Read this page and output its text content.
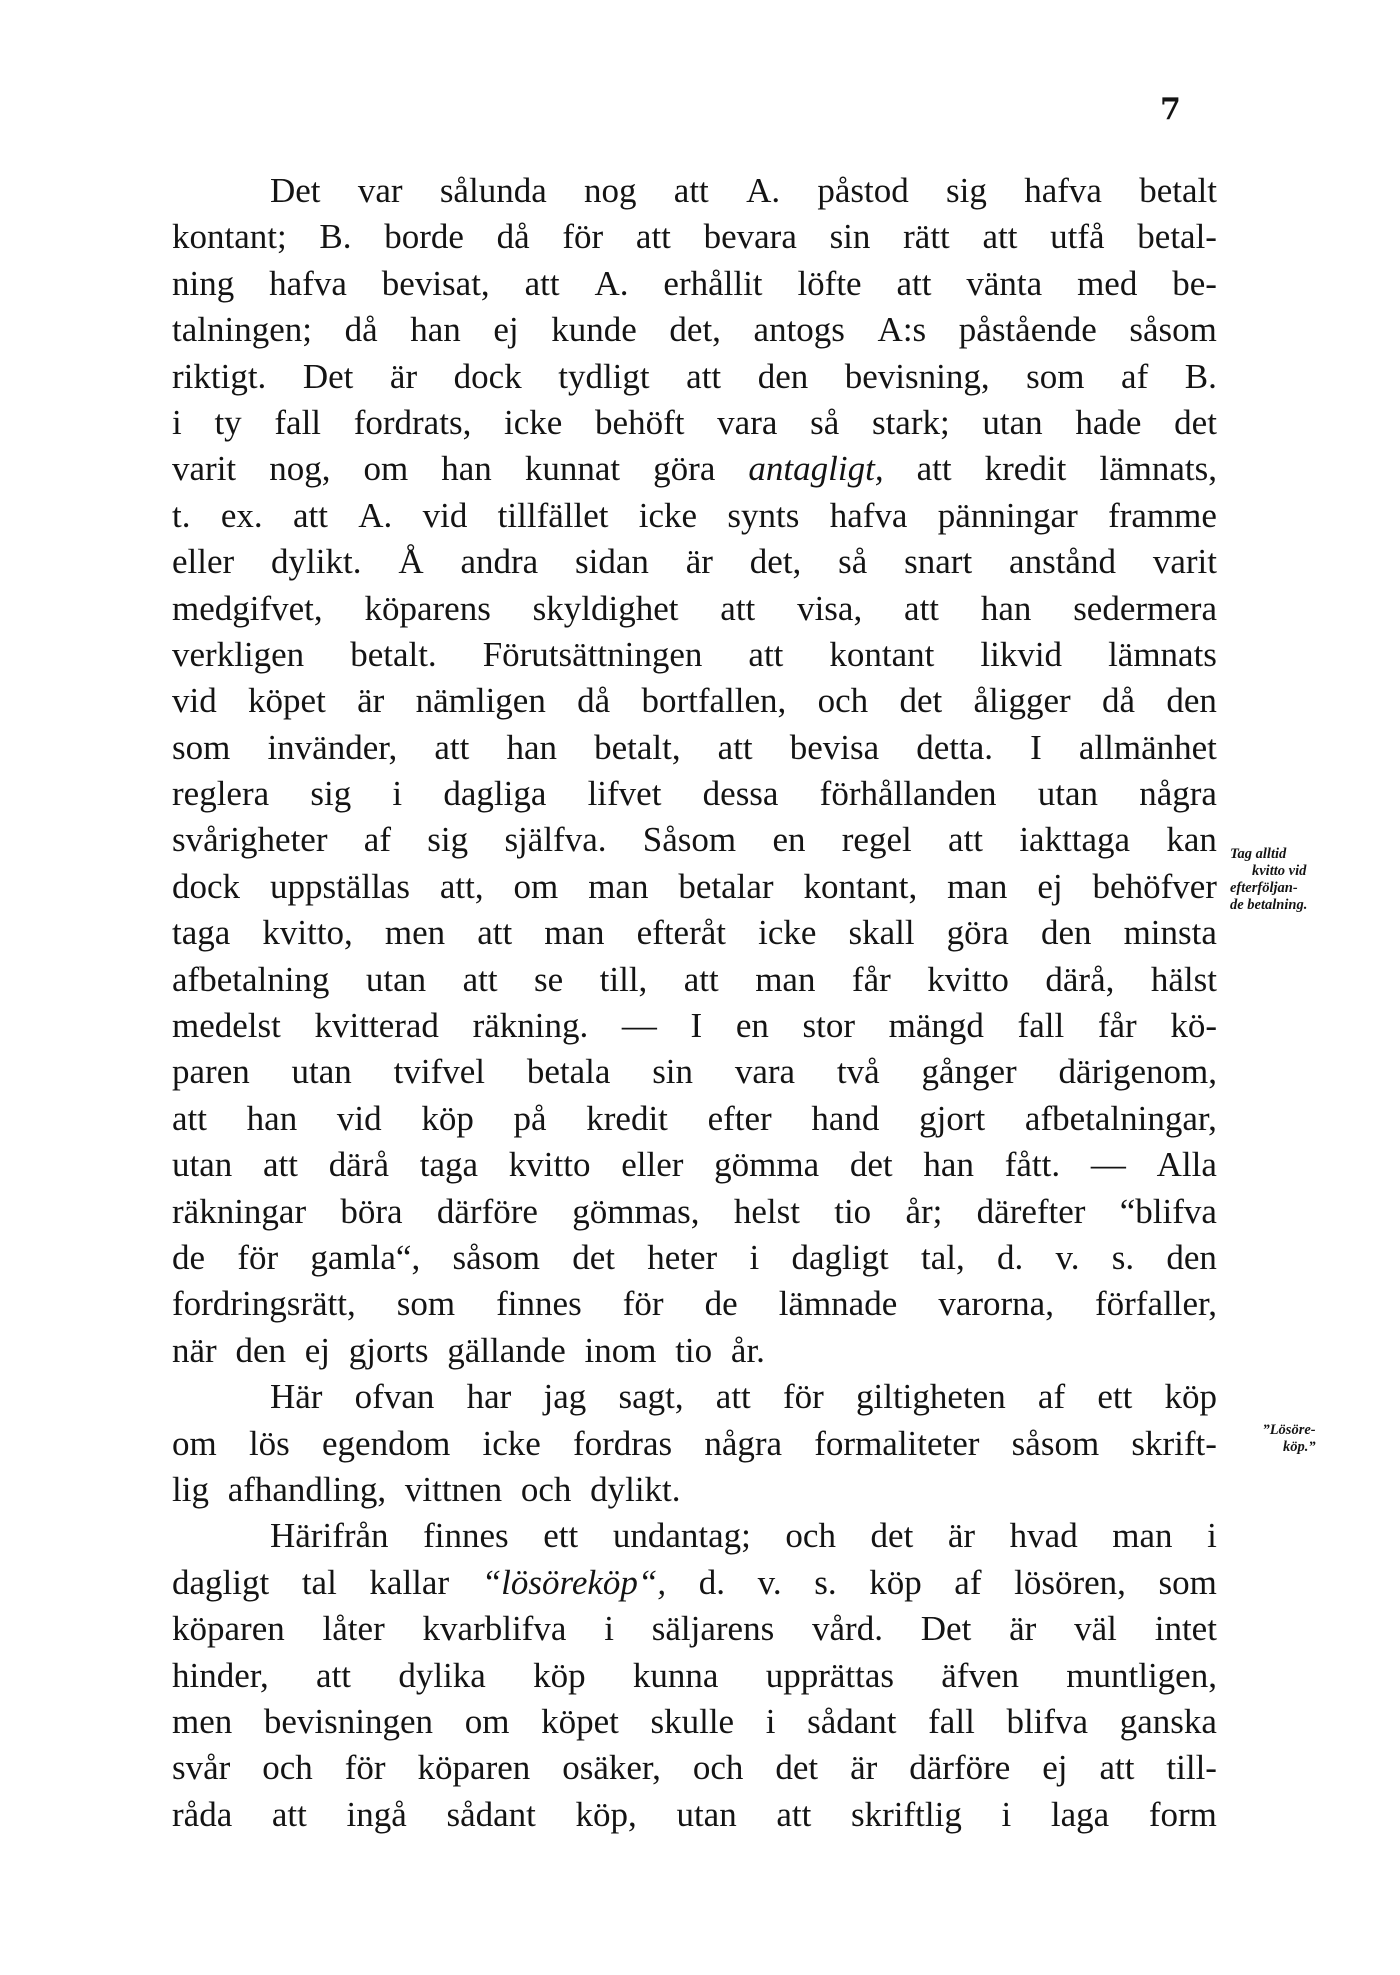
7
Det var sålunda nog att A. påstod sig hafva betalt
kontant; B. borde då för att bevara sin rätt att utfå betal-
ning hafva bevisat, att A. erhållit löfte att vänta med be-
talningen; då han ej kunde det, antogs A:s påstående såsom
riktigt. Det är dock tydligt att den bevisning, som af B.
i ty fall fordrats, icke behöft vara så stark; utan hade det
varit nog, om han kunnat göra antagligt, att kredit lämnats,
t. ex. att A. vid tillfället icke synts hafva pänningar framme
eller dylikt. Å andra sidan är det, så snart anstånd varit
medgifvet, köparens skyldighet att visa, att han sedermera
verkligen betalt. Förutsättningen att kontant likvid lämnats
vid köpet är nämligen då bortfallen, och det åligger då den
som invänder, att han betalt, att bevisa detta. I allmänhet
reglera sig i dagliga lifvet dessa förhållanden utan några
svårigheter af sig själfva. Såsom en regel att iakttaga kan
dock uppställas att, om man betalar kontant, man ej behöfver
taga kvitto, men att man efteråt icke skall göra den minsta
afbetalning utan att se till, att man får kvitto därå, hälst
medelst kvitterad räkning. — I en stor mängd fall får kö-
paren utan tvifvel betala sin vara två gånger därigenom,
att han vid köp på kredit efter hand gjort afbetalningar,
utan att därå taga kvitto eller gömma det han fått. — Alla
räkningar böra därföre gömmas, helst tio år; därefter “blifva
de för gamla“, såsom det heter i dagligt tal, d. v. s. den
fordringsrätt, som finnes för de lämnade varorna, förfaller,
när den ej gjorts gällande inom tio år.
Här ofvan har jag sagt, att för giltigheten af ett köp
om lös egendom icke fordras några formaliteter såsom skrift-
lig afhandling, vittnen och dylikt.
Härifrån finnes ett undantag; och det är hvad man i
dagligt tal kallar “lösöreköp“, d. v. s. köp af lösören, som
köparen låter kvarblifva i säljarens vård. Det är väl intet
hinder, att dylika köp kunna upprättas äfven muntligen,
men bevisningen om köpet skulle i sådant fall blifva ganska
svår och för köparen osäker, och det är därföre ej att till-
råda att ingå sådant köp, utan att skriftlig i laga form
Tag alltid
kvitto vid
efterföljan-
de betalning.
”Lösöre-
köp.”
